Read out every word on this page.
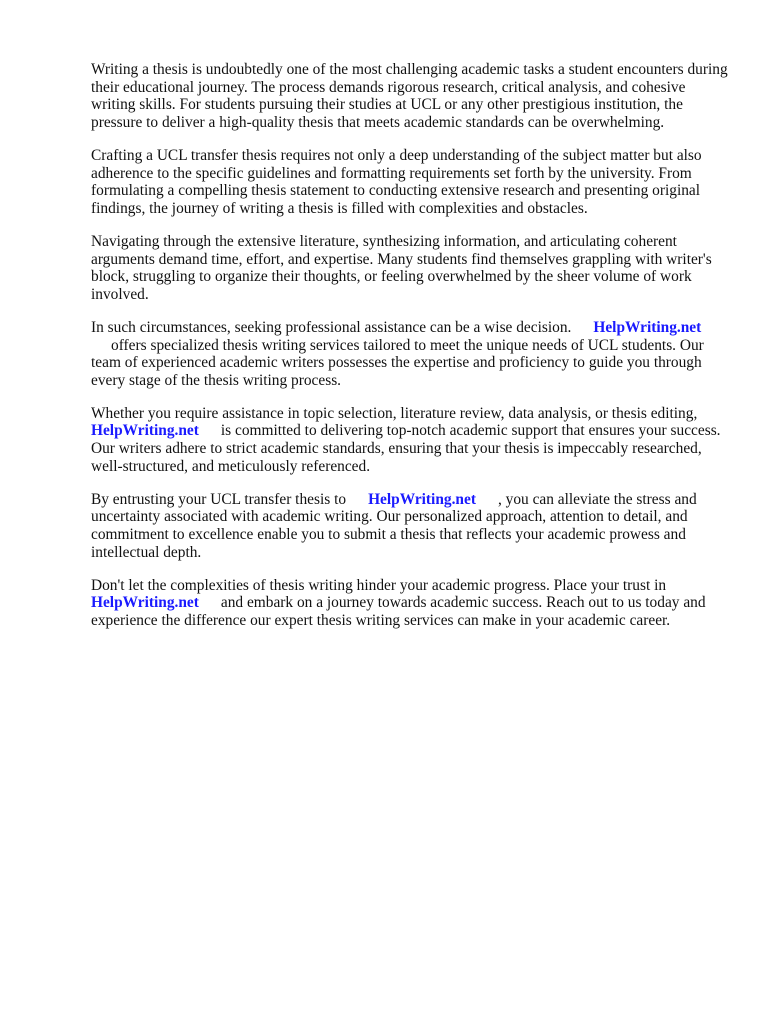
Writing a thesis is undoubtedly one of the most challenging academic tasks a student encounters during their educational journey. The process demands rigorous research, critical analysis, and cohesive writing skills. For students pursuing their studies at UCL or any other prestigious institution, the pressure to deliver a high-quality thesis that meets academic standards can be overwhelming.

Crafting a UCL transfer thesis requires not only a deep understanding of the subject matter but also adherence to the specific guidelines and formatting requirements set forth by the university. From formulating a compelling thesis statement to conducting extensive research and presenting original findings, the journey of writing a thesis is filled with complexities and obstacles.

Navigating through the extensive literature, synthesizing information, and articulating coherent arguments demand time, effort, and expertise. Many students find themselves grappling with writer's block, struggling to organize their thoughts, or feeling overwhelmed by the sheer volume of work involved.

In such circumstances, seeking professional assistance can be a wise decision. HelpWriting.net
offers specialized thesis writing services tailored to meet the unique needs of UCL students. Our team of experienced academic writers possesses the expertise and proficiency to guide you through every stage of the thesis writing process.

Whether you require assistance in topic selection, literature review, data analysis, or thesis editing,
HelpWriting.net is committed to delivering top-notch academic support that ensures your success. Our writers adhere to strict academic standards, ensuring that your thesis is impeccably researched, well-structured, and meticulously referenced.

By entrusting your UCL transfer thesis to HelpWriting.net , you can alleviate the stress and uncertainty associated with academic writing. Our personalized approach, attention to detail, and commitment to excellence enable you to submit a thesis that reflects your academic prowess and intellectual depth.

Don't let the complexities of thesis writing hinder your academic progress. Place your trust in
HelpWriting.net and embark on a journey towards academic success. Reach out to us today and experience the difference our expert thesis writing services can make in your academic career.
